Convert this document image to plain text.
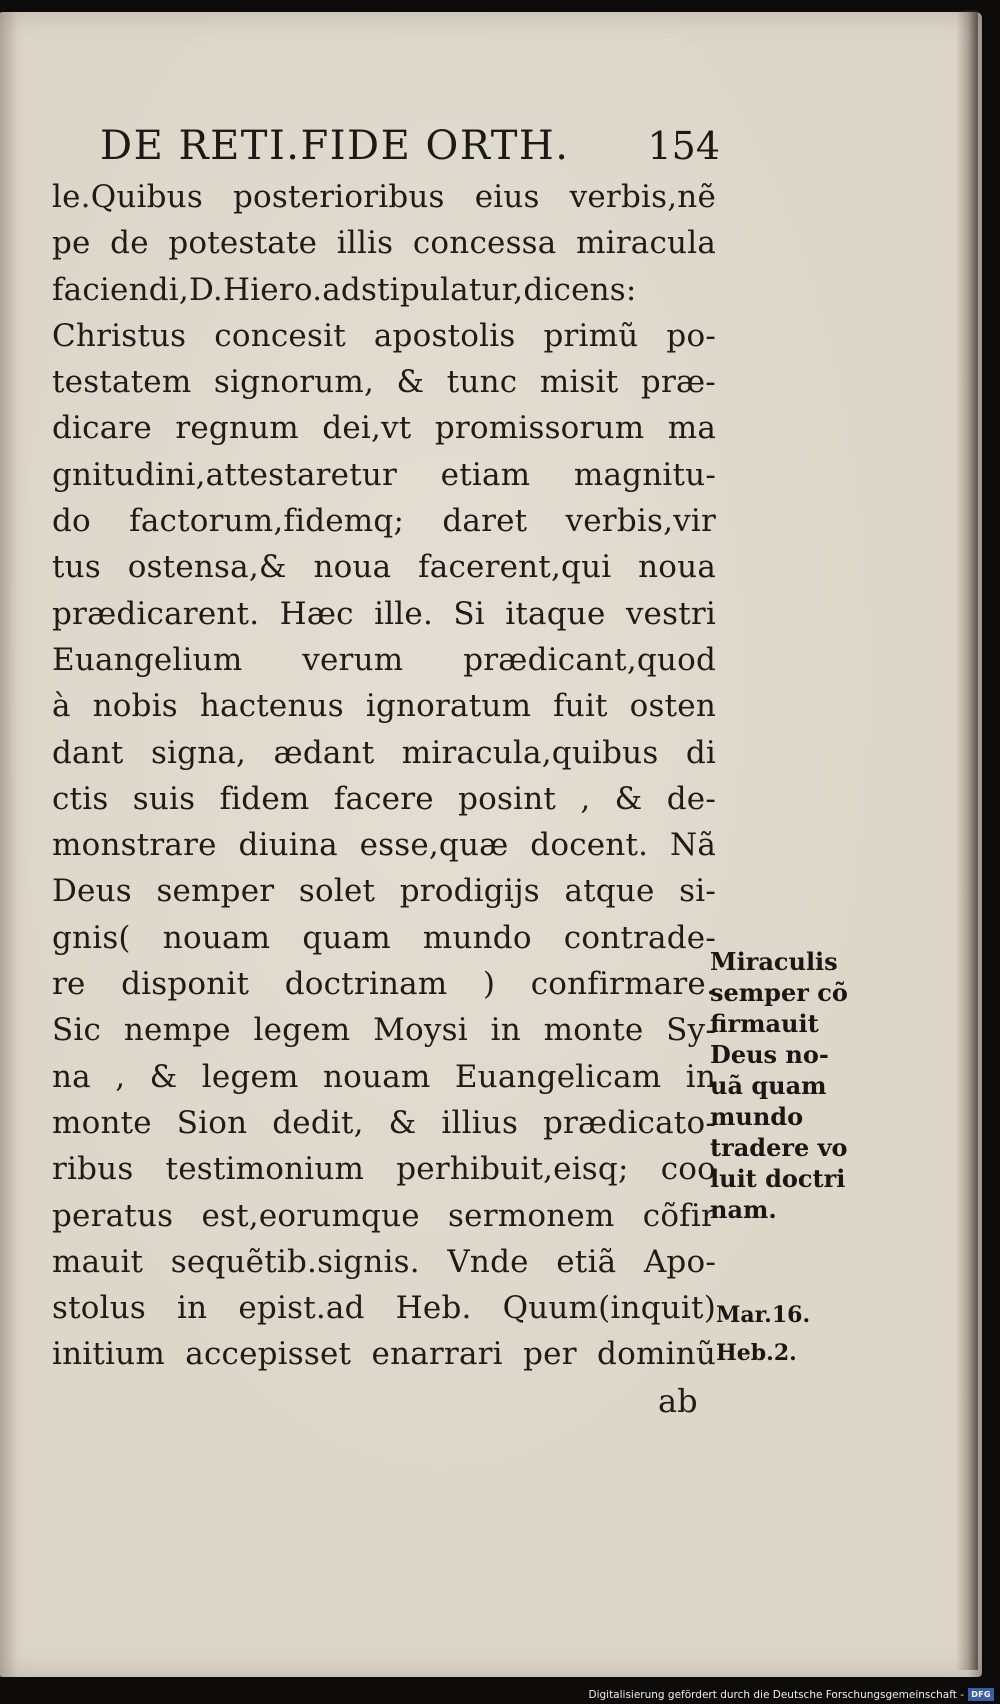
DE RETI.FIDE ORTH. 154
le.Quibus posterioribus eius verbis,nẽ
pe de potestate illis concessa miracula
faciendi,D.Hiero.adstipulatur,dicens:
Christus concesit apostolis primũ po-
testatem signorum, & tunc misit præ-
dicare regnum dei,vt promissorum ma
gnitudini,attestaretur etiam magnitu-
do factorum,fidemq; daret verbis,vir
tus ostensa,& noua facerent,qui noua
prædicarent. Hæc ille. Si itaque vestri
Euangelium verum prædicant,quod
à nobis hactenus ignoratum fuit osten
dant signa, ædant miracula,quibus di
ctis suis fidem facere posint , & de-
monstrare diuina esse,quæ docent. Nã
Deus semper solet prodigijs atque si-
gnis( nouam quam mundo contrade-
re disponit doctrinam ) confirmare.
Sic nempe legem Moysi in monte Sy-
na , & legem nouam Euangelicam in
monte Sion dedit, & illius prædicato-
ribus testimonium perhibuit,eisq; coo
peratus est,eorumque sermonem cõfir
mauit sequẽtib.signis. Vnde etiã Apo-
stolus in epist.ad Heb. Quum(inquit)
initium accepisset enarrari per dominũ
ab
Miraculis
semper cõ
firmauit
Deus no-
uã quam
mundo
tradere vo
luit doctri
nam.
Mar.16.
Heb.2.
Digitalisierung gefördert durch die Deutsche Forschungsgemeinschaft - DFG
